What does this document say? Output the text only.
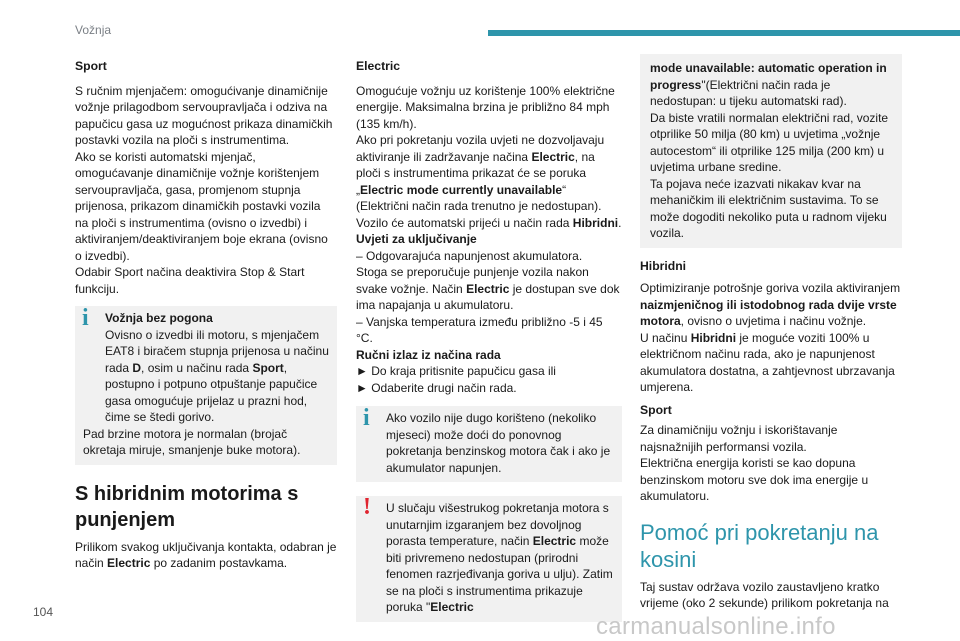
Vožnja
Sport

S ručnim mjenjačem: omogućivanje dinamičnije vožnje prilagodbom servoupravljača i odziva na papučicu gasa uz mogućnost prikaza dinamičkih postavki vozila na ploči s instrumentima.

Ako se koristi automatski mjenjač, omogućavanje dinamičnije vožnje korištenjem servoupravljača, gasa, promjenom stupnja prijenosa, prikazom dinamičkih postavki vozila na ploči s instrumentima (ovisno o izvedbi) i aktiviranjem/deaktiviranjem boje ekrana (ovisno o izvedbi).

Odabir Sport načina deaktivira Stop & Start funkciju.

i	Vožnja bez pogona
Ovisno o izvedbi ili motoru, s mjenjačem EAT8 i biračem stupnja prijenosa u načinu rada D, osim u načinu rada Sport, postupno i potpuno otpuštanje papučice gasa omogućuje prijelaz u prazni hod, čime se štedi gorivo.
Pad brzine motora je normalan (brojač okretaja miruje, smanjenje buke motora).
S hibridnim motorima s punjenjem

Prilikom svakog uključivanja kontakta, odabran je način Electric po zadanim postavkama.

Electric

Omogućuje vožnju uz korištenje 100% električne energije. Maksimalna brzina je približno 84 mph (135 km/h).

Ako pri pokretanju vozila uvjeti ne dozvoljavaju aktiviranje ili zadržavanje načina Electric, na ploči s instrumentima prikazat će se poruka „Electric mode currently unavailable“ (Električni način rada trenutno je nedostupan).

Vozilo će automatski prijeći u način rada Hibridni.

Uvjeti za uključivanje

– Odgovarajuća napunjenost akumulatora.

Stoga se preporučuje punjenje vozila nakon svake vožnje. Način Electric je dostupan sve dok ima napajanja u akumulatoru.

– Vanjska temperatura između približno -5 i 45 °C.

Ručni izlaz iz načina rada

► Do kraja pritisnite papučicu gasa ili

► Odaberite drugi način rada.

i	Ako vozilo nije dugo korišteno (nekoliko mjeseci) može doći do ponovnog pokretanja benzinskog motora čak i ako je akumulator napunjen.
!	U slučaju višestrukog pokretanja motora s unutarnjim izgaranjem bez dovoljnog porasta temperature, način Electric može biti privremeno nedostupan (prirodni fenomen razrjeđivanja goriva u ulju). Zatim se na ploči s instrumentima prikazuje poruka "Electric
mode unavailable: automatic operation in progress"(Električni način rada je nedostupan: u tijeku automatski rad).
Da biste vratili normalan električni rad, vozite otprilike 50 milja (80 km) u uvjetima „vožnje autocestom“ ili otprilike 125 milja (200 km) u uvjetima urbane sredine.
Ta pojava neće izazvati nikakav kvar na mehaničkim ili električnim sustavima. To se može dogoditi nekoliko puta u radnom vijeku vozila.
Hibridni

Optimiziranje potrošnje goriva vozila aktiviranjem naizmjeničnog ili istodobnog rada dvije vrste motora, ovisno o uvjetima i načinu vožnje.

U načinu Hibridni je moguće voziti 100% u električnom načinu rada, ako je napunjenost akumulatora dostatna, a zahtjevnost ubrzavanja umjerena.

Sport

Za dinamičniju vožnju i iskorištavanje najsnažnijih performansi vozila.

Električna energija koristi se kao dopuna benzinskom motoru sve dok ima energije u akumulatoru.

Pomoć pri pokretanju na kosini

Taj sustav održava vozilo zaustavljeno kratko vrijeme (oko 2 sekunde) prilikom pokretanja na

104
carmanualsonline.info
